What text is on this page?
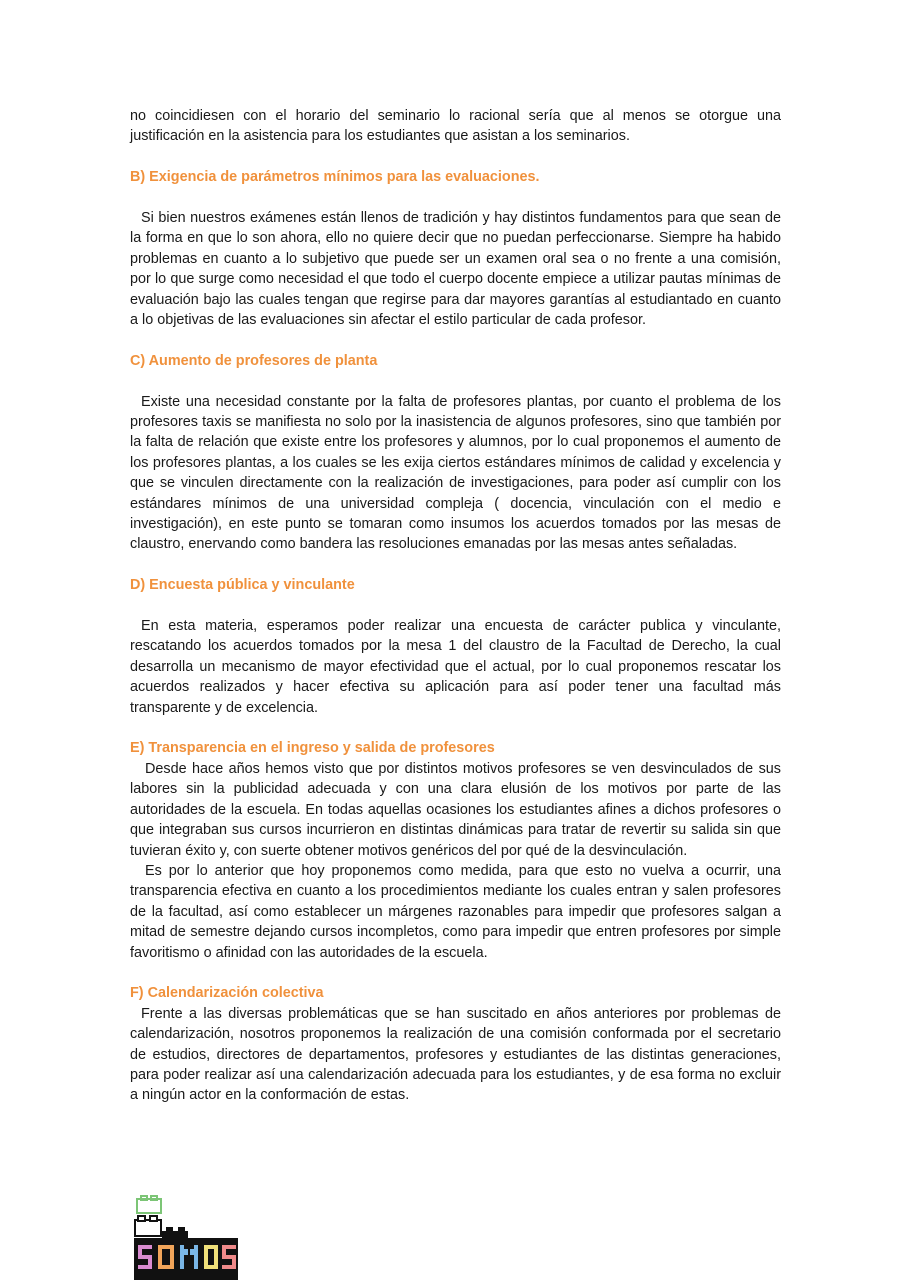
no coincidiesen con el horario del seminario lo racional sería que al menos se otorgue una justificación en la asistencia para los estudiantes que asistan a los seminarios.

B) Exigencia de parámetros mínimos para las evaluaciones.

Si bien nuestros exámenes están llenos de tradición y hay distintos fundamentos para que sean de la forma en que lo son ahora, ello no quiere decir que no puedan perfeccionarse. Siempre ha habido problemas en cuanto a lo subjetivo que puede ser un examen oral sea o no frente a una comisión, por lo que surge como necesidad el que todo el cuerpo docente empiece a utilizar pautas mínimas de evaluación bajo las cuales tengan que regirse para dar mayores garantías al estudiantado en cuanto a lo objetivas de las evaluaciones sin afectar el estilo particular de cada profesor.

C) Aumento de profesores de planta

Existe una necesidad constante por la falta de profesores plantas, por cuanto el problema de los profesores taxis se manifiesta no solo por la inasistencia de algunos profesores, sino que también por la falta de relación que existe entre los profesores y alumnos, por lo cual proponemos el aumento de los profesores plantas, a los cuales se les exija ciertos estándares mínimos de calidad y excelencia y que se vinculen directamente con la realización de investigaciones, para poder así cumplir con los estándares mínimos de una universidad compleja ( docencia, vinculación con el medio e investigación), en este punto se tomaran como insumos los acuerdos tomados por las mesas de claustro, enervando como bandera las resoluciones emanadas por las mesas antes señaladas.

D) Encuesta pública y vinculante

En esta materia, esperamos poder realizar una encuesta de carácter publica y vinculante, rescatando los acuerdos tomados por la mesa 1 del claustro de la Facultad de Derecho, la cual desarrolla un mecanismo de mayor efectividad que el actual, por lo cual proponemos rescatar los acuerdos realizados y hacer efectiva su aplicación para así poder tener una facultad más transparente y de excelencia.

E) Transparencia en el ingreso y salida de profesores

Desde hace años hemos visto que por distintos motivos profesores se ven desvinculados de sus labores sin la publicidad adecuada y con una clara elusión de los motivos por parte de las autoridades de la escuela. En todas aquellas ocasiones los estudiantes afines a dichos profesores o que integraban sus cursos incurrieron en distintas dinámicas para tratar de revertir su salida sin que tuvieran éxito y, con suerte obtener motivos genéricos del por qué de la desvinculación.

Es por lo anterior que hoy proponemos como medida, para que esto no vuelva a ocurrir, una transparencia efectiva en cuanto a los procedimientos mediante los cuales entran y salen profesores de la facultad, así como establecer un márgenes razonables para impedir que profesores salgan a mitad de semestre dejando cursos incompletos, como para impedir que entren profesores por simple favoritismo o afinidad con las autoridades de la escuela.

F) Calendarización colectiva

Frente a las diversas problemáticas que se han suscitado en años anteriores por problemas de calendarización, nosotros proponemos la realización de una comisión conformada por el secretario de estudios, directores de departamentos, profesores y estudiantes de las distintas generaciones, para poder realizar así una calendarización adecuada para los estudiantes, y de esa forma no excluir a ningún actor en la conformación de estas.
